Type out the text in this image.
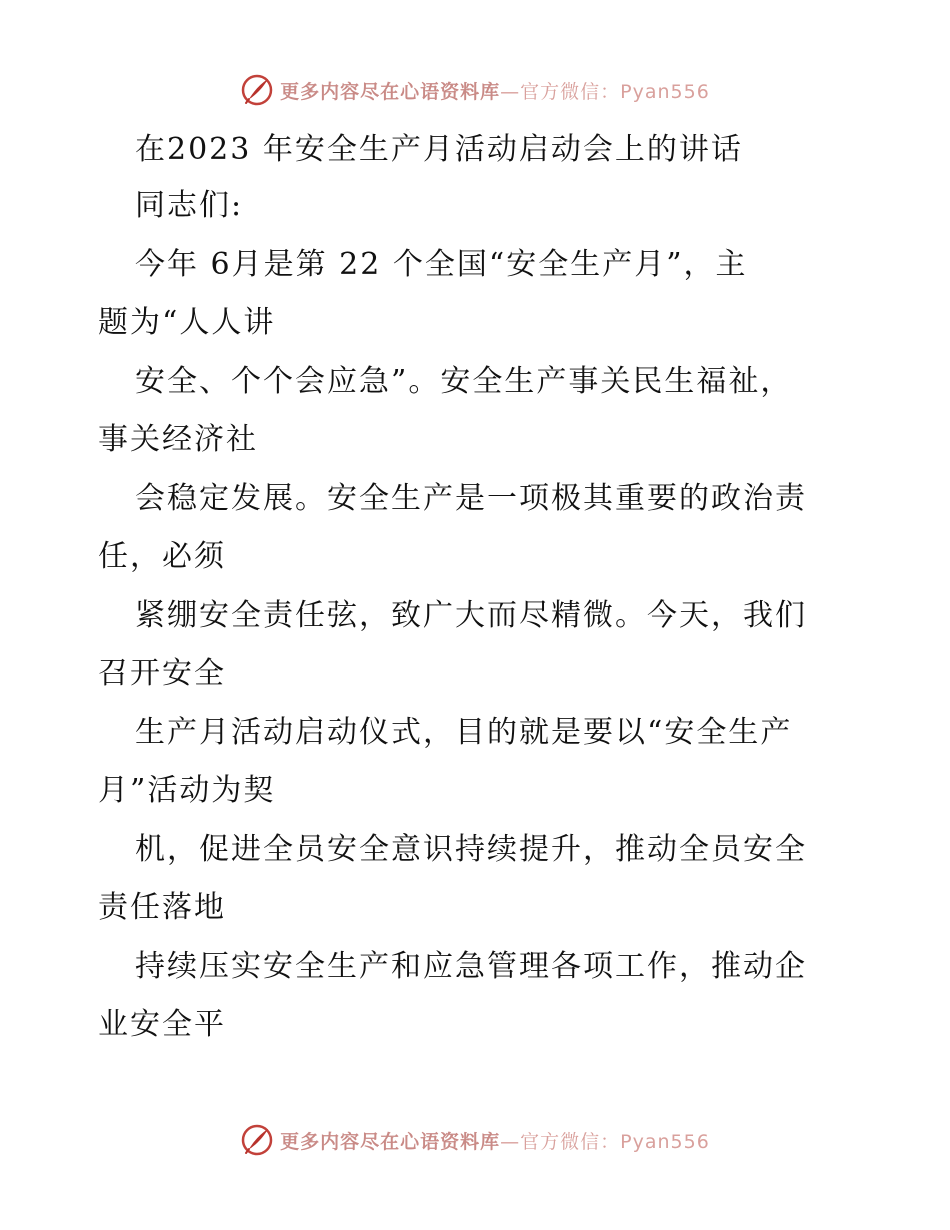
更多内容尽在心语资料库—官方微信：Pyan556
在2023 年安全生产月活动启动会上的讲话
同志们:
今年 6月是第 22 个全国“安全生产月”，主
题为“人人讲
安全、个个会应急”。安全生产事关民生福祉，
事关经济社
会稳定发展。安全生产是一项极其重要的政治责
任，必须
紧绷安全责任弦，致广大而尽精微。今天，我们
召开安全
生产月活动启动仪式，目的就是要以“安全生产
月”活动为契
机，促进全员安全意识持续提升，推动全员安全
责任落地
持续压实安全生产和应急管理各项工作，推动企
业安全平
更多内容尽在心语资料库—官方微信：Pyan556
